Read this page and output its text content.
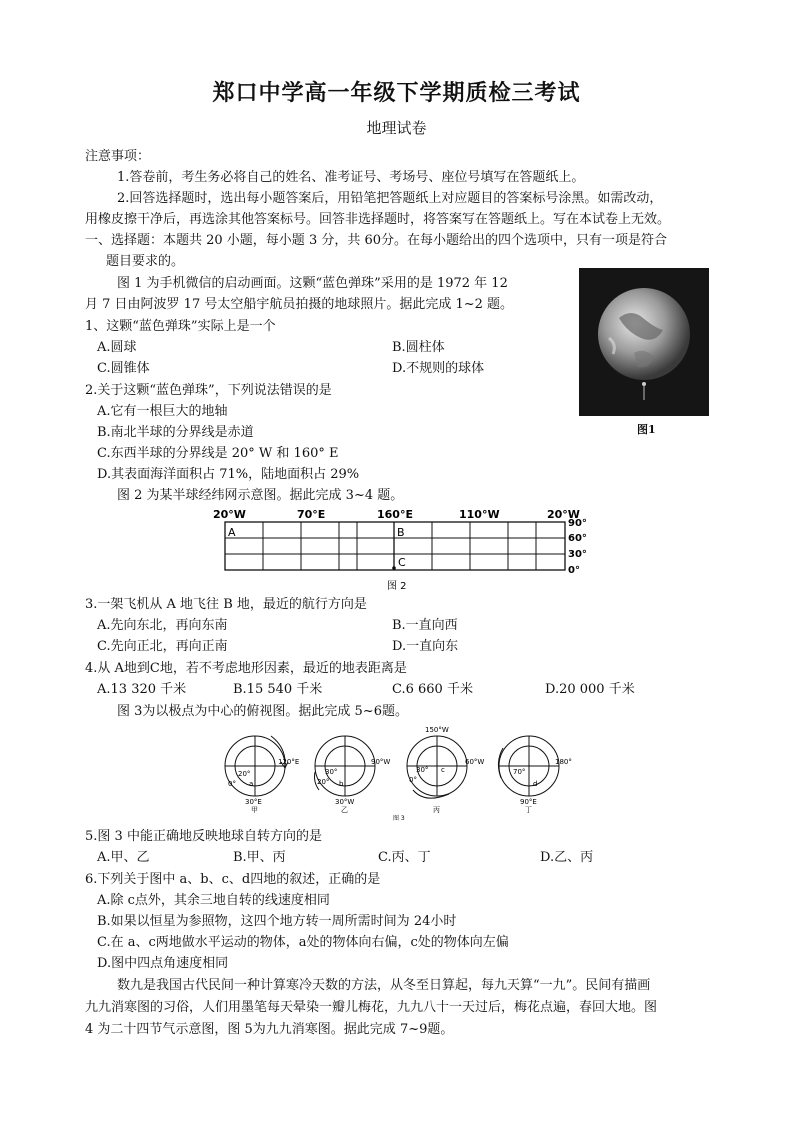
郑口中学高一年级下学期质检三考试
地理试卷
注意事项：
1.答卷前，考生务必将自己的姓名、准考证号、考场号、座位号填写在答题纸上。
2.回答选择题时，选出每小题答案后，用铅笔把答题纸上对应题目的答案标号涂黑。如需改动，
用橡皮擦干净后，再选涂其他答案标号。回答非选择题时，将答案写在答题纸上。写在本试卷上无效。
一、选择题：本题共 20 小题，每小题 3 分，共 60分。在每小题给出的四个选项中，只有一项是符合
题目要求的。
图 1 为手机微信的启动画面。这颗“蓝色弹珠”采用的是 1972 年 12
月 7 日由阿波罗 17 号太空船宇航员拍摄的地球照片。据此完成 1~2 题。
图1
1、这颗“蓝色弹珠”实际上是一个
A.圆球	B.圆柱体
C.圆锥体	D.不规则的球体
2.关于这颗“蓝色弹珠”，下列说法错误的是
A.它有一根巨大的地轴
B.南北半球的分界线是赤道
C.东西半球的分界线是 20° W 和 160° E
D.其表面海洋面积占 71%，陆地面积占 29%
图 2 为某半球经纬网示意图。据此完成 3~4 题。
20°W	70°E	160°E	110°W	20°W
A	B
C
90°
60°
30°
0°
图 2
3.一架飞机从 A 地飞往 B 地，最近的航行方向是
A.先向东北，再向东南	B.一直向西
C.先向正北，再向正南	D.一直向东
4.从 A地到C地，若不考虑地形因素，最近的地表距离是
A.13 320 千米	B.15 540 千米	C.6 660 千米	D.20 000 千米
图 3为以极点为中心的俯视图。据此完成 5~6题。
20°
0°
120°E
a
30°E
甲
30°
20°
90°W
b
30°W
乙
150°W
30°
0°
60°W
c
丙
70°
180°
d
90°E
丁
图 3
5.图 3 中能正确地反映地球自转方向的是
A.甲、乙	B.甲、丙	C.丙、丁	D.乙、丙
6.下列关于图中 a、b、c、d四地的叙述，正确的是
A.除 c点外，其余三地自转的线速度相同
B.如果以恒星为参照物，这四个地方转一周所需时间为 24小时
C.在 a、c两地做水平运动的物体，a处的物体向右偏，c处的物体向左偏
D.图中四点角速度相同
数九是我国古代民间一种计算寒冷天数的方法，从冬至日算起，每九天算“一九”。民间有描画
九九消寒图的习俗，人们用墨笔每天晕染一瓣儿梅花，九九八十一天过后，梅花点遍，春回大地。图
4 为二十四节气示意图，图 5为九九消寒图。据此完成 7~9题。
